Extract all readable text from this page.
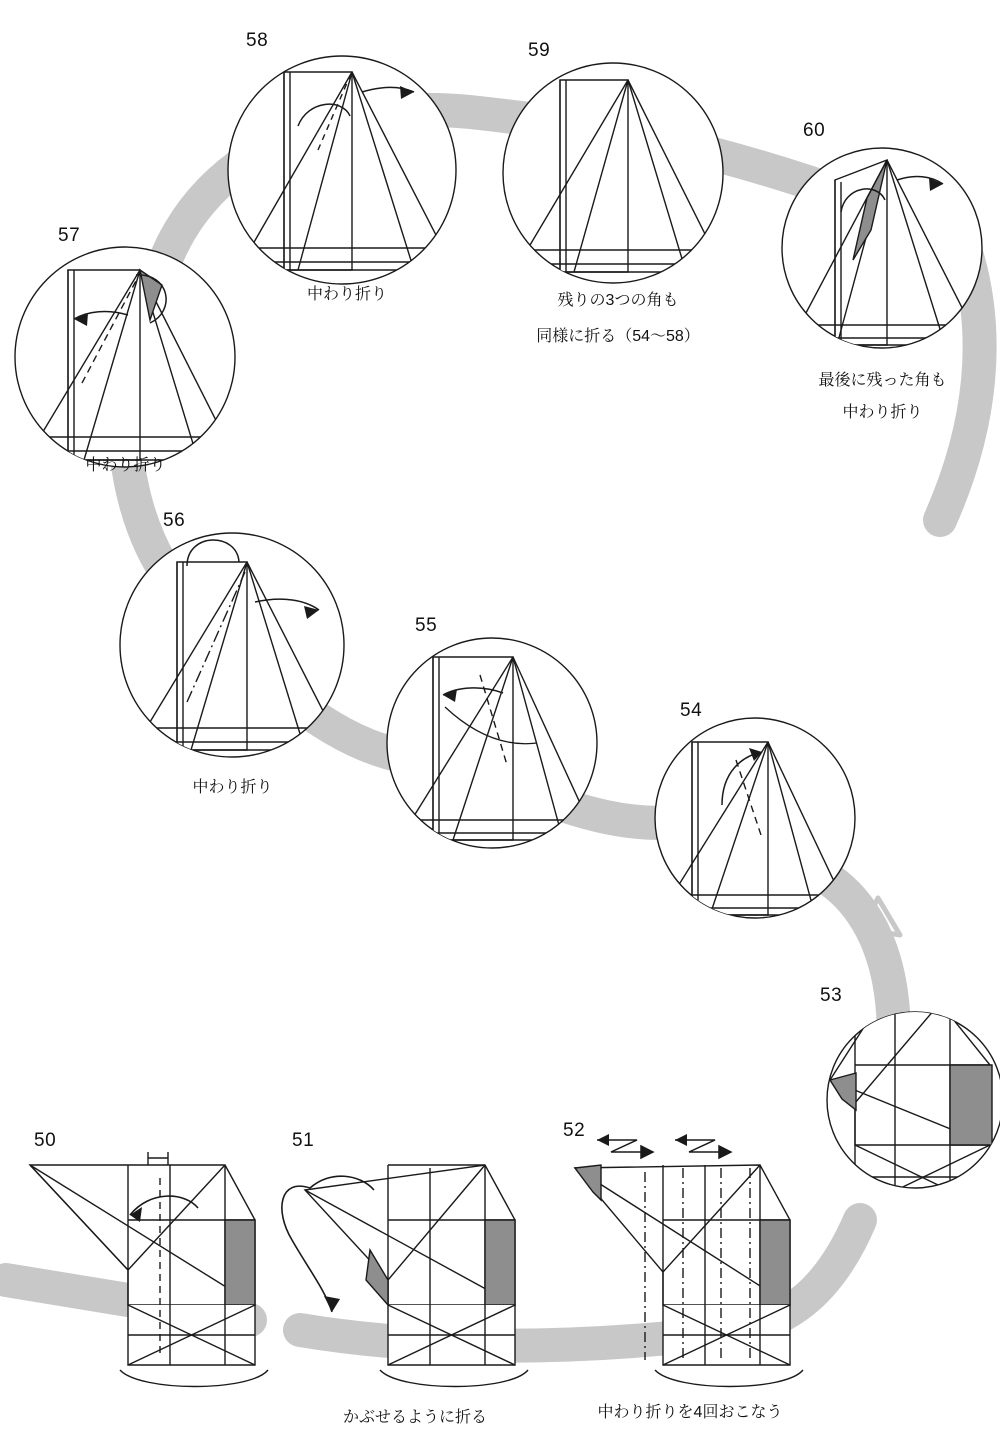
50	51
かぶせるように折る
52
中わり折りを4回おこなう
53
54
55
56
中わり折り
57
中わり折り
58
中わり折り
59
残りの3つの角も
同様に折る（54〜58）
60
最後に残った角も
中わり折り
